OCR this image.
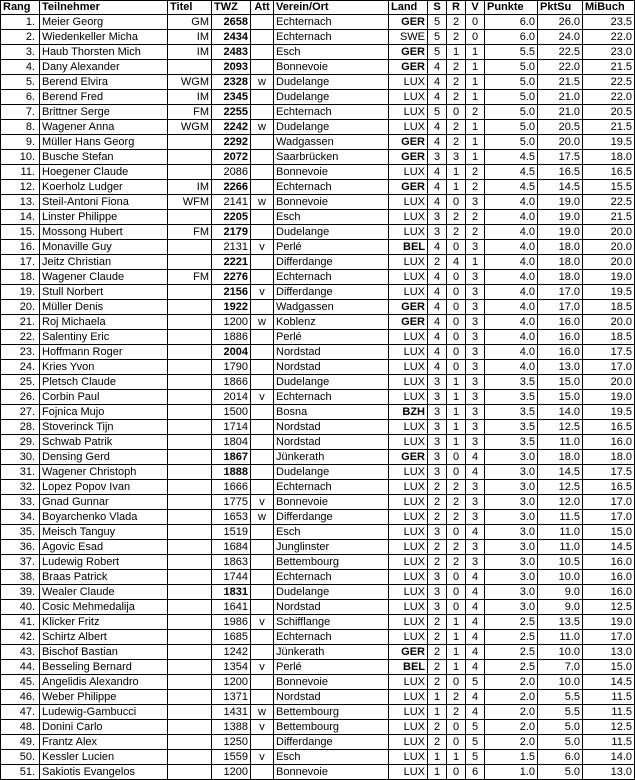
Rang	Teilnehmer	Titel	TWZ	Att	Verein/Ort	Land	S	R	V	Punkte	PktSu	MiBuch
1.	Meier Georg	GM	2658		Echternach	GER	5	2	0	6.0	26.0	23.5
2.	Wiedenkeller Micha	IM	2434		Echternach	SWE	5	2	0	6.0	24.0	22.0
3.	Haub Thorsten Mich	IM	2483		Esch	GER	5	1	1	5.5	22.5	23.0
4.	Dany Alexander		2093		Bonnevoie	GER	4	2	1	5.0	22.0	21.5
5.	Berend Elvira	WGM	2328	w	Dudelange	LUX	4	2	1	5.0	21.5	22.5
6.	Berend Fred	IM	2345		Dudelange	LUX	4	2	1	5.0	21.0	22.0
7.	Brittner Serge	FM	2255		Echternach	LUX	5	0	2	5.0	21.0	20.5
8.	Wagener Anna	WGM	2242	w	Dudelange	LUX	4	2	1	5.0	20.5	21.5
9.	Müller Hans Georg		2292		Wadgassen	GER	4	2	1	5.0	20.0	19.5
10.	Busche Stefan		2072		Saarbrücken	GER	3	3	1	4.5	17.5	18.0
11.	Hoegener Claude		2086		Bonnevoie	LUX	4	1	2	4.5	16.5	16.5
12.	Koerholz Ludger	IM	2266		Echternach	GER	4	1	2	4.5	14.5	15.5
13.	Steil-Antoni Fiona	WFM	2141	w	Bonnevoie	LUX	4	0	3	4.0	19.0	22.5
14.	Linster Philippe		2205		Esch	LUX	3	2	2	4.0	19.0	21.5
15.	Mossong Hubert	FM	2179		Dudelange	LUX	3	2	2	4.0	19.0	20.0
16.	Monaville Guy		2131	v	Perlé	BEL	4	0	3	4.0	18.0	20.0
17.	Jeitz Christian		2221		Differdange	LUX	2	4	1	4.0	18.0	20.0
18.	Wagener Claude	FM	2276		Echternach	LUX	4	0	3	4.0	18.0	19.0
19.	Stull Norbert		2156	v	Differdange	LUX	4	0	3	4.0	17.0	19.5
20.	Müller Denis		1922		Wadgassen	GER	4	0	3	4.0	17.0	18.5
21.	Roj Michaela		1200	w	Koblenz	GER	4	0	3	4.0	16.0	20.0
22.	Salentiny Eric		1886		Perlé	LUX	4	0	3	4.0	16.0	18.5
23.	Hoffmann Roger		2004		Nordstad	LUX	4	0	3	4.0	16.0	17.5
24.	Kries Yvon		1790		Nordstad	LUX	4	0	3	4.0	13.0	17.0
25.	Pletsch Claude		1866		Dudelange	LUX	3	1	3	3.5	15.0	20.0
26.	Corbin Paul		2014	v	Echternach	LUX	3	1	3	3.5	15.0	19.0
27.	Fojnica Mujo		1500		Bosna	BZH	3	1	3	3.5	14.0	19.5
28.	Stoverinck Tijn		1714		Nordstad	LUX	3	1	3	3.5	12.5	16.5
29.	Schwab Patrik		1804		Nordstad	LUX	3	1	3	3.5	11.0	16.0
30.	Densing Gerd		1867		Jünkerath	GER	3	0	4	3.0	18.0	18.0
31.	Wagener Christoph		1888		Dudelange	LUX	3	0	4	3.0	14.5	17.5
32.	Lopez Popov Ivan		1666		Echternach	LUX	2	2	3	3.0	12.5	16.5
33.	Gnad Gunnar		1775	v	Bonnevoie	LUX	2	2	3	3.0	12.0	17.0
34.	Boyarchenko Vlada		1653	w	Differdange	LUX	2	2	3	3.0	11.5	17.0
35.	Meisch Tanguy		1519		Esch	LUX	3	0	4	3.0	11.0	15.0
36.	Agovic Esad		1684		Junglinster	LUX	2	2	3	3.0	11.0	14.5
37.	Ludewig Robert		1863		Bettembourg	LUX	2	2	3	3.0	10.5	16.0
38.	Braas Patrick		1744		Echternach	LUX	3	0	4	3.0	10.0	16.0
39.	Wealer Claude		1831		Dudelange	LUX	3	0	4	3.0	9.0	16.0
40.	Cosic Mehmedalija		1641		Nordstad	LUX	3	0	4	3.0	9.0	12.5
41.	Klicker Fritz		1986	v	Schifflange	LUX	2	1	4	2.5	13.5	19.0
42.	Schirtz Albert		1685		Echternach	LUX	2	1	4	2.5	11.0	17.0
43.	Bischof Bastian		1242		Jünkerath	GER	2	1	4	2.5	10.0	13.0
44.	Besseling Bernard		1354	v	Perlé	BEL	2	1	4	2.5	7.0	15.0
45.	Angelidis Alexandro		1200		Bonnevoie	LUX	2	0	5	2.0	10.0	14.5
46.	Weber Philippe		1371		Nordstad	LUX	1	2	4	2.0	5.5	11.5
47.	Ludewig-Gambucci		1431	w	Bettembourg	LUX	1	2	4	2.0	5.5	11.5
48.	Donini Carlo		1388	v	Bettembourg	LUX	2	0	5	2.0	5.0	12.5
49.	Frantz Alex		1250		Differdange	LUX	2	0	5	2.0	5.0	11.5
50.	Kessler Lucien		1559	v	Esch	LUX	1	1	5	1.5	6.0	14.0
51.	Sakiotis Evangelos		1200		Bonnevoie	LUX	1	0	6	1.0	5.0	13.0
